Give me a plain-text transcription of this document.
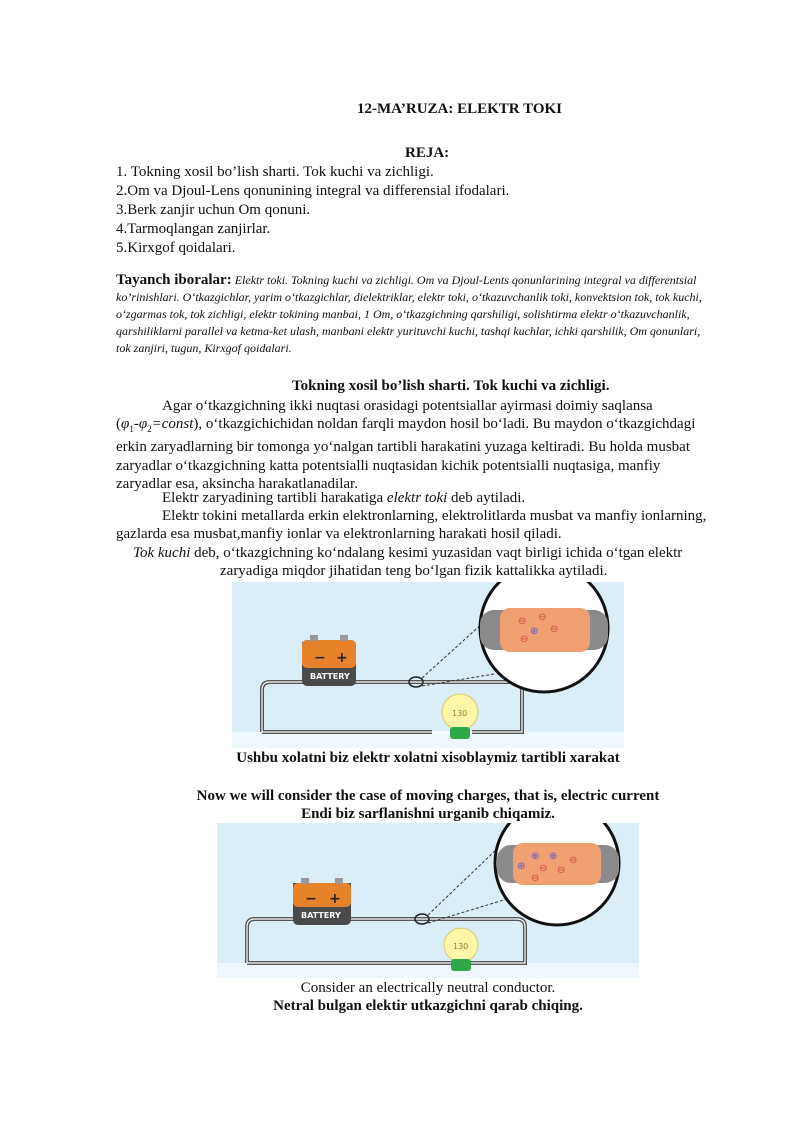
12-MA’RUZA: ELEKTR TOKI
REJA:
1. Tokning xosil bo’lish sharti. Tok kuchi va zichligi.
2.Om va Djoul-Lens qonunining integral va differensial ifodalari.
3.Berk zanjir uchun Om qonuni.
4.Tarmoqlangan zanjirlar.
5.Kirxgof qoidalari.
Tayanch iboralar: Elektr toki. Tokning kuchi va zichligi. Om va Djoul-Lents qonunlarining integral va differentsial ko’rinishlari. O‘tkazgichlar, yarim o‘tkazgichlar, dielektriklar, elektr toki, o‘tkazuvchanlik toki, konvektsion tok, tok kuchi, o‘zgarmas tok, tok zichligi, elektr tokining manbai, 1 Om, o‘tkazgichning qarshiligi, solishtirma elektr o‘tkazuvchanlik, qarshiliklarni parallel va ketma-ket ulash, manbani elektr yurituvchi kuchi, tashqi kuchlar, ichki qarshilik, Om qonunlari, tok zanjiri, tugun, Kirxgof qoidalari.
Tokning xosil bo’lish sharti. Tok kuchi va zichligi.
Agar o‘tkazgichning ikki nuqtasi orasidagi potentsiallar ayirmasi doimiy saqlansa
$(\varphi_1-\varphi_2=const)$, o‘tkazgichichidan noldan farqli maydon hosil bo‘ladi. Bu maydon o‘tkazgichdagi erkin zaryadlarning bir tomonga yo‘nalgan tartibli harakatini yuzaga keltiradi. Bu holda musbat zaryadlar o‘tkazgichning katta potentsialli nuqtasidan kichik potentsialli nuqtasiga, manfiy zaryadlar esa, aksincha harakatlanadilar.
Elektr zaryadining tartibli harakatiga elektr toki deb aytiladi.
Elektr tokini metallarda erkin elektronlarning, elektrolitlarda musbat va manfiy ionlarning, gazlarda esa musbat,manfiy ionlar va elektronlarning harakati hosil qiladi.
Tok kuchi deb, o‘tkazgichning ko‘ndalang kesimi yuzasidan vaqt birligi ichida o‘tgan elektr
zaryadiga miqdor jihatidan teng bo‘lgan fizik kattalikka aytiladi.
− +
BATTERY
130
⊖ ⊖
⊕ ⊖
⊖
Ushbu xolatni biz elektr xolatni xisoblaymiz tartibli xarakat
Now we will consider the case of moving charges, that is, electric current
Endi biz sarflanishni urganib chiqamiz.
− +
BATTERY
130
⊕
⊕ ⊕
⊖ ⊖
⊖
⊖
Consider an electrically neutral conductor.
Netral bulgan elektir utkazgichni qarab chiqing.
